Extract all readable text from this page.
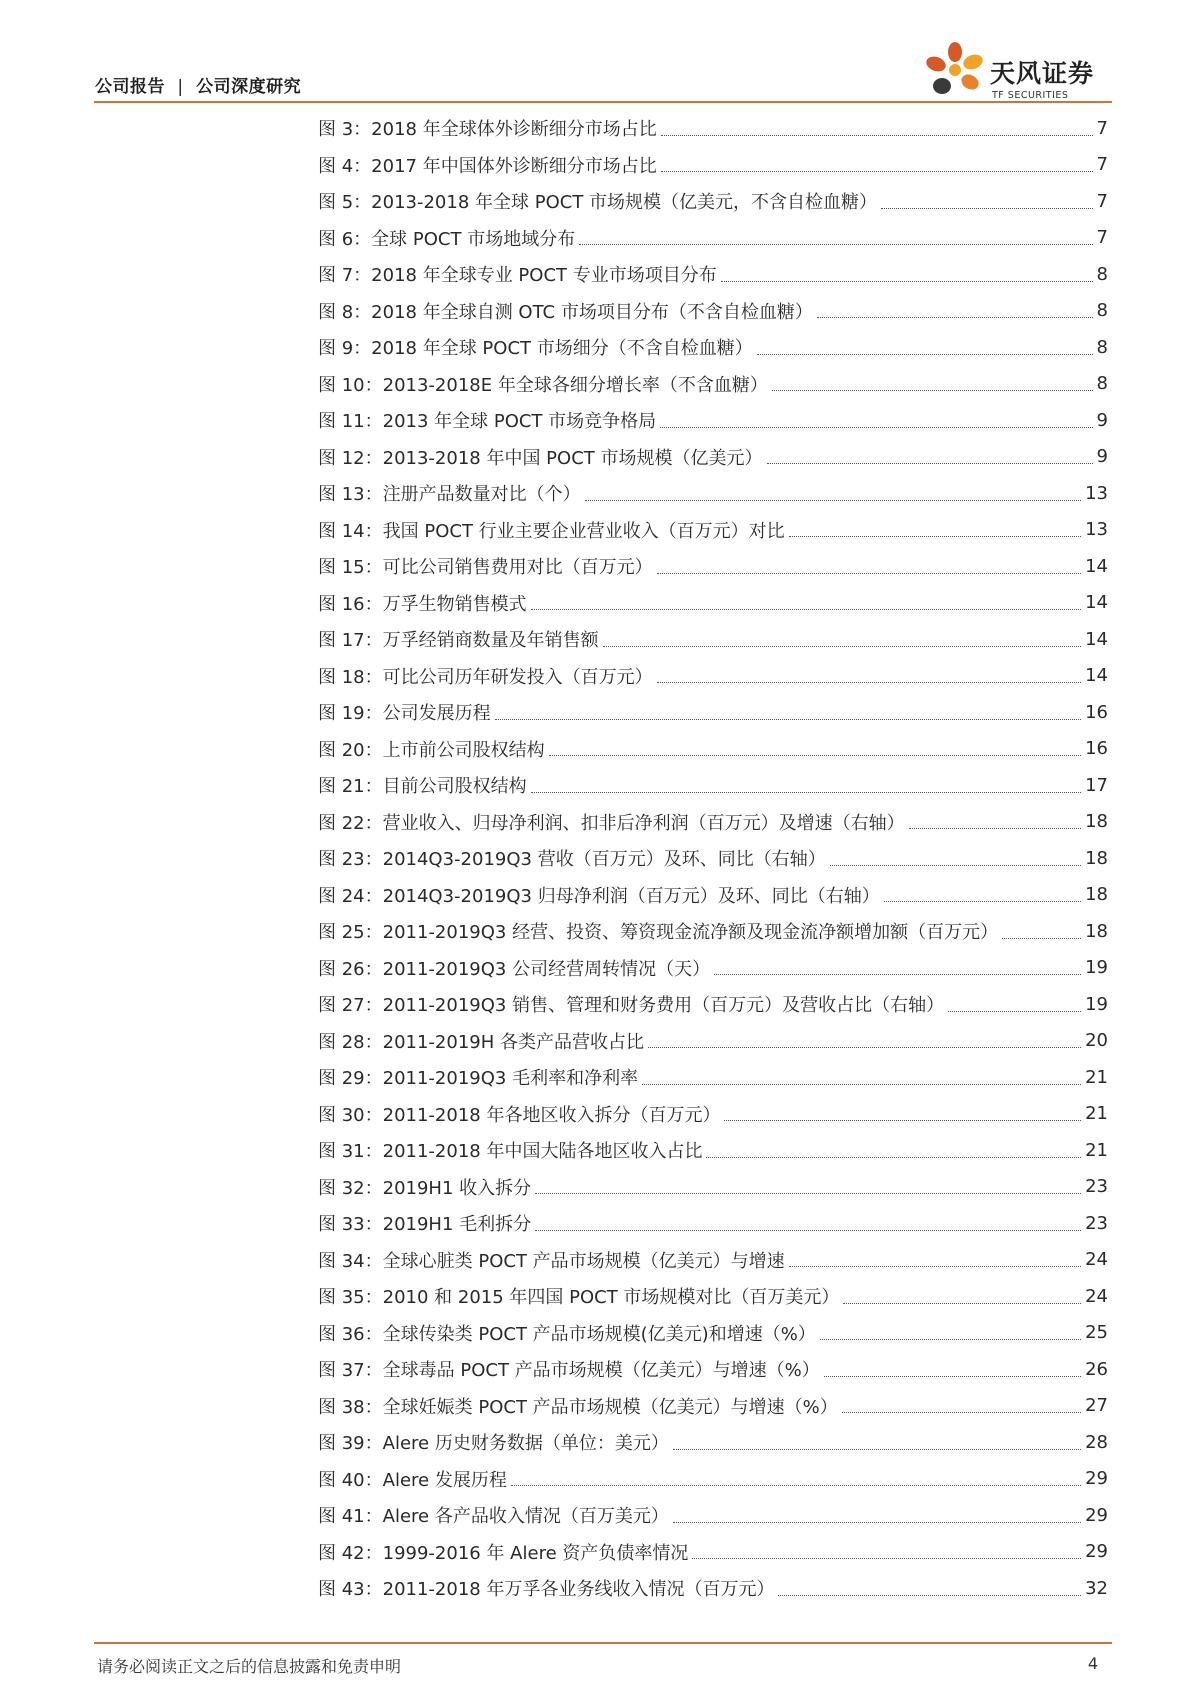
公司报告 | 公司深度研究	天风证券
TF SECURITIES
图 3：2018 年全球体外诊断细分市场占比	7
图 4：2017 年中国体外诊断细分市场占比	7
图 5：2013-2018 年全球 POCT 市场规模（亿美元，不含自检血糖）	7
图 6：全球 POCT 市场地域分布	7
图 7：2018 年全球专业 POCT 专业市场项目分布	8
图 8：2018 年全球自测 OTC 市场项目分布（不含自检血糖）	8
图 9：2018 年全球 POCT 市场细分（不含自检血糖）	8
图 10：2013-2018E 年全球各细分增长率（不含血糖）	8
图 11：2013 年全球 POCT 市场竞争格局	9
图 12：2013-2018 年中国 POCT 市场规模（亿美元）	9
图 13：注册产品数量对比（个）	13
图 14：我国 POCT 行业主要企业营业收入（百万元）对比	13
图 15：可比公司销售费用对比（百万元）	14
图 16：万孚生物销售模式	14
图 17：万孚经销商数量及年销售额	14
图 18：可比公司历年研发投入（百万元）	14
图 19：公司发展历程	16
图 20：上市前公司股权结构	16
图 21：目前公司股权结构	17
图 22：营业收入、归母净利润、扣非后净利润（百万元）及增速（右轴）	18
图 23：2014Q3-2019Q3 营收（百万元）及环、同比（右轴）	18
图 24：2014Q3-2019Q3 归母净利润（百万元）及环、同比（右轴）	18
图 25：2011-2019Q3 经营、投资、筹资现金流净额及现金流净额增加额（百万元）	18
图 26：2011-2019Q3 公司经营周转情况（天）	19
图 27：2011-2019Q3 销售、管理和财务费用（百万元）及营收占比（右轴）	19
图 28：2011-2019H 各类产品营收占比	20
图 29：2011-2019Q3 毛利率和净利率	21
图 30：2011-2018 年各地区收入拆分（百万元）	21
图 31：2011-2018 年中国大陆各地区收入占比	21
图 32：2019H1 收入拆分	23
图 33：2019H1 毛利拆分	23
图 34：全球心脏类 POCT 产品市场规模（亿美元）与增速	24
图 35：2010 和 2015 年四国 POCT 市场规模对比（百万美元）	24
图 36：全球传染类 POCT 产品市场规模(亿美元)和增速（%）	25
图 37：全球毒品 POCT 产品市场规模（亿美元）与增速（%）	26
图 38：全球妊娠类 POCT 产品市场规模（亿美元）与增速（%）	27
图 39：Alere 历史财务数据（单位：美元）	28
图 40：Alere 发展历程	29
图 41：Alere 各产品收入情况（百万美元）	29
图 42：1999-2016 年 Alere 资产负债率情况	29
图 43：2011-2018 年万孚各业务线收入情况（百万元）	32
请务必阅读正文之后的信息披露和免责申明	4
